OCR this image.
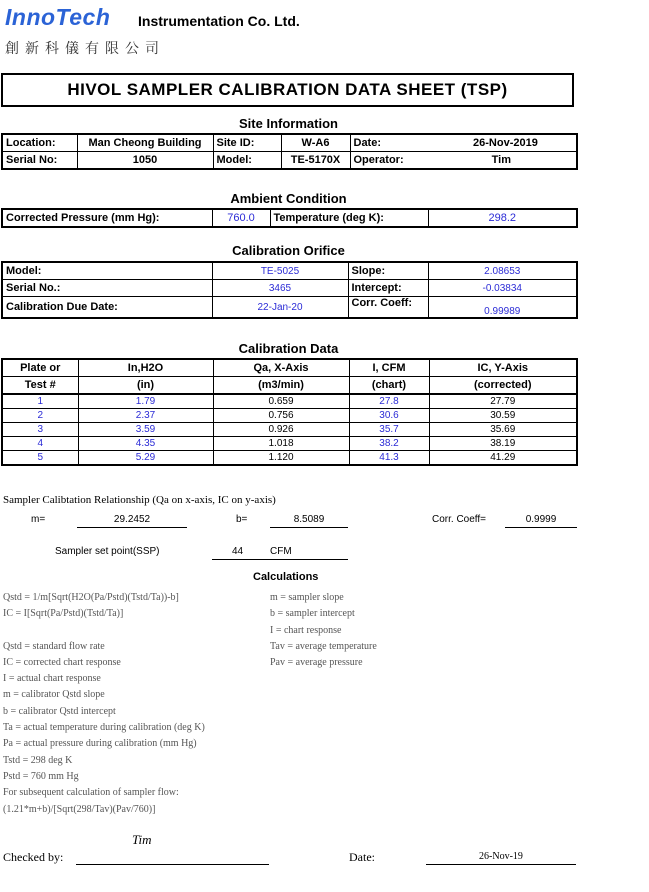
InnoTech Instrumentation Co. Ltd.
創新科儀有限公司
HIVOL SAMPLER CALIBRATION DATA SHEET (TSP)
Site Information
Location:	Man Cheong Building	Site ID:	W-A6	Date: 26-Nov-2019
Serial No:	1050	Model:	TE-5170X	Operator: Tim
Ambient Condition
Corrected Pressure (mm Hg):	760.0	Temperature (deg K):	298.2
Calibration Orifice
Model:	TE-5025	Slope:	2.08653
Serial No.:	3465	Intercept:	-0.03834
Calibration Due Date:	22-Jan-20	Corr. Coeff:	0.99989
Calibration Data
Plate or	In,H2O	Qa, X-Axis	I, CFM	IC, Y-Axis
Test #	(in)	(m3/min)	(chart)	(corrected)
1	1.79	0.659	27.8	27.79
2	2.37	0.756	30.6	30.59
3	3.59	0.926	35.7	35.69
4	4.35	1.018	38.2	38.19
5	5.29	1.120	41.3	41.29
Sampler Calibtation Relationship (Qa on x-axis, IC on y-axis)
m=	29.2452	b=	8.5089	Corr. Coeff=	0.9999
Sampler set point(SSP)	44	CFM
Calculations
Qstd = 1/m[Sqrt(H2O(Pa/Pstd)(Tstd/Ta))-b]
IC = I[Sqrt(Pa/Pstd)(Tstd/Ta)]
Qstd = standard flow rate
IC = corrected chart response
I = actual chart response
m = calibrator Qstd slope
b = calibrator Qstd intercept
Ta = actual temperature during calibration (deg K)
Pa = actual pressure during calibration (mm Hg)
Tstd = 298 deg K
Pstd = 760 mm Hg
For subsequent calculation of sampler flow:
(1.21*m+b)/[Sqrt(298/Tav)(Pav/760)]
m = sampler slope
b = sampler intercept
I = chart response
Tav = average temperature
Pav = average pressure
Tim
Checked by:	Date:	26-Nov-19
